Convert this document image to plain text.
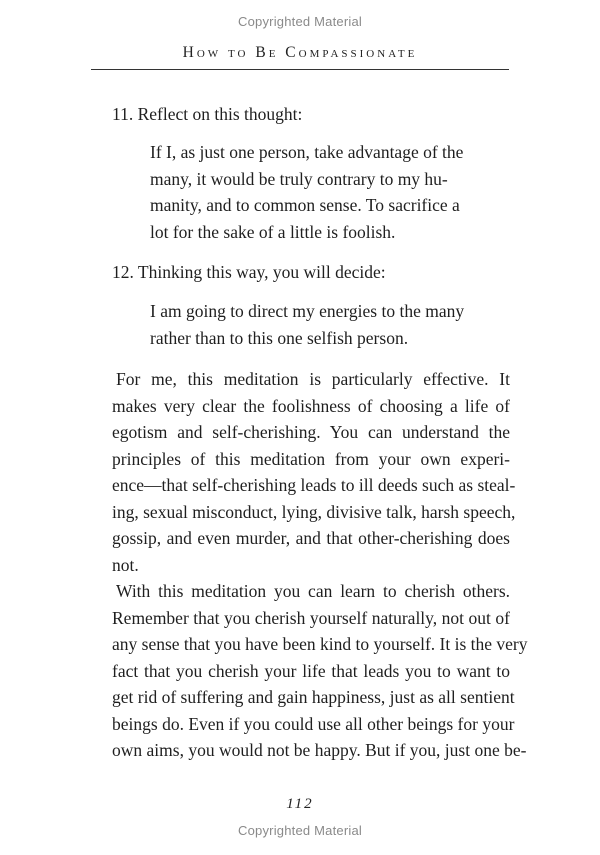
Copyrighted Material
How to Be Compassionate
11. Reflect on this thought:
If I, as just one person, take advantage of the
many, it would be truly contrary to my hu-
manity, and to common sense. To sacrifice a
lot for the sake of a little is foolish.
12. Thinking this way, you will decide:
I am going to direct my energies to the many
rather than to this one selfish person.
For me, this meditation is particularly effective. It
makes very clear the foolishness of choosing a life of
egotism and self-cherishing. You can understand the
principles of this meditation from your own experi-
ence—that self-cherishing leads to ill deeds such as steal-
ing, sexual misconduct, lying, divisive talk, harsh speech,
gossip, and even murder, and that other-cherishing does
not.
With this meditation you can learn to cherish others.
Remember that you cherish yourself naturally, not out of
any sense that you have been kind to yourself. It is the very
fact that you cherish your life that leads you to want to
get rid of suffering and gain happiness, just as all sentient
beings do. Even if you could use all other beings for your
own aims, you would not be happy. But if you, just one be-
112
Copyrighted Material
